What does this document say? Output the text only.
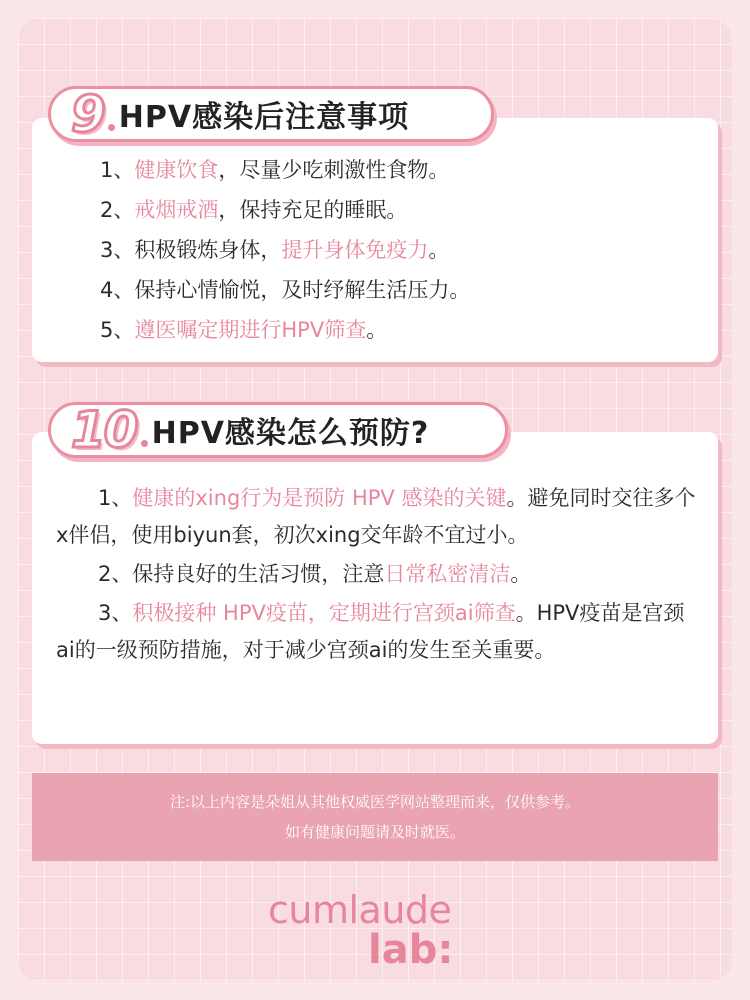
9 HPV感染后注意事项
1、健康饮食，尽量少吃刺激性食物。
2、戒烟戒酒，保持充足的睡眠。
3、积极锻炼身体，提升身体免疫力。
4、保持心情愉悦，及时纾解生活压力。
5、遵医嘱定期进行HPV筛查。
10 HPV感染怎么预防?

1、健康的xing行为是预防 HPV 感染的关键。避免同时交往多个x伴侣，使用biyun套，初次xing交年龄不宜过小。

2、保持良好的生活习惯，注意日常私密清洁。

3、积极接种 HPV疫苗，定期进行宫颈ai筛查。HPV疫苗是宫颈ai的一级预防措施，对于减少宫颈ai的发生至关重要。

注:以上内容是朵姐从其他权威医学网站整理而来，仅供参考。
如有健康问题请及时就医。
cumlaude
lab:
